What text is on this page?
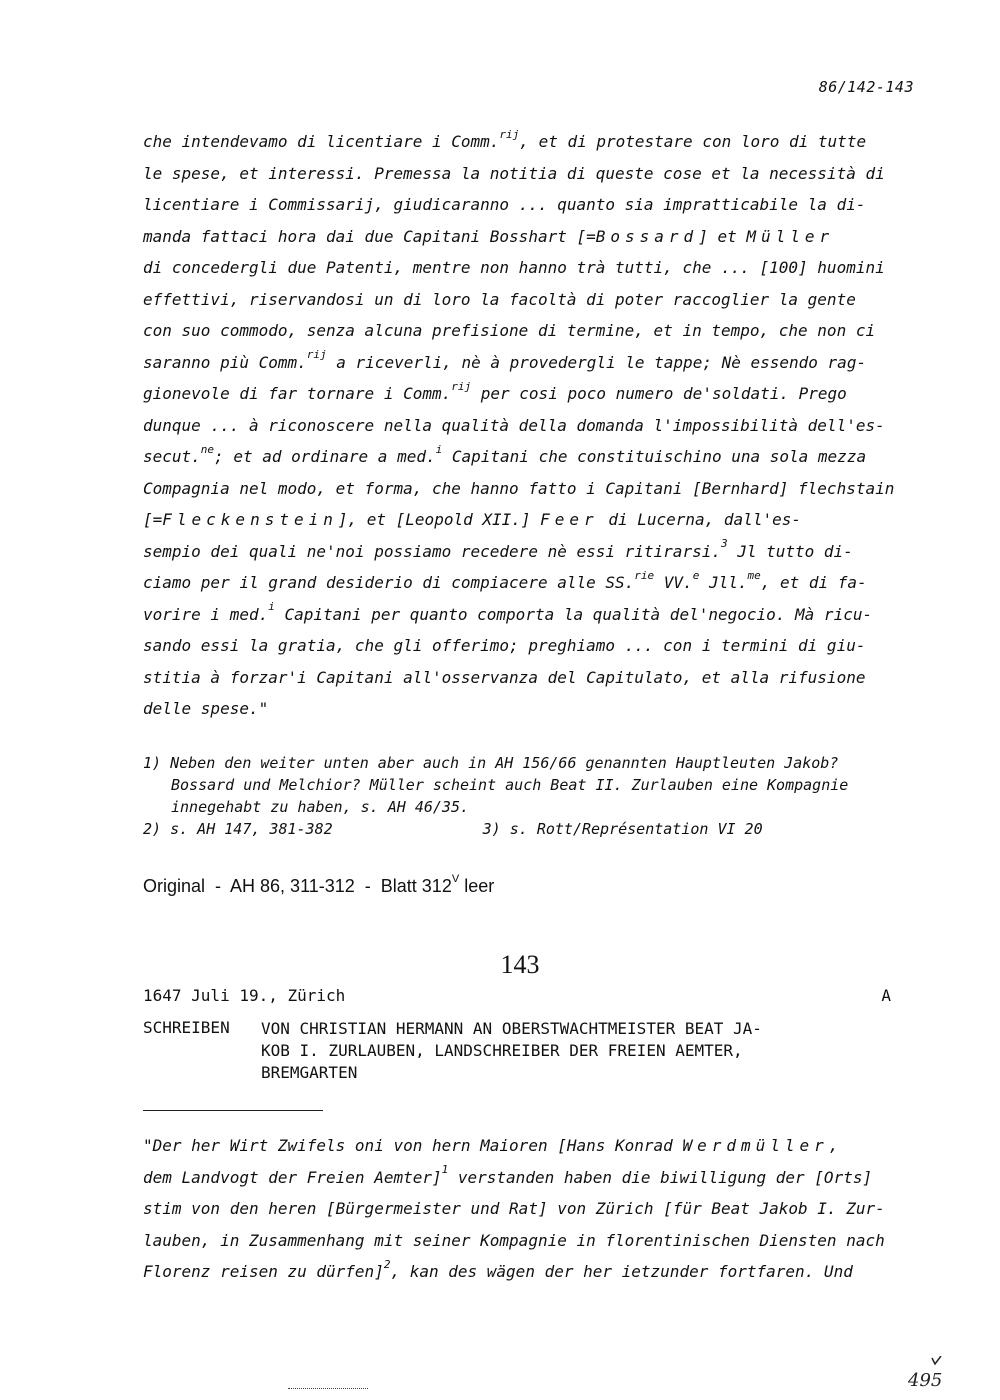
86/142-143
che intendevamo di licentiare i Comm.$^{rij}$, et di protestare con loro di tutte
le spese, et interessi. Premessa la notitia di queste cose et la necessità di
licentiare i Commissarij, giudicaranno ... quanto sia impratticabile la di-
manda fattaci hora dai due Capitani Bosshart [=Bossard] et Müller
di concedergli due Patenti, mentre non hanno trà tutti, che ... [100] huomini
effettivi, riservandosi un di loro la facoltà di poter raccoglier la gente
con suo commodo, senza alcuna prefisione di termine, et in tempo, che non ci
saranno più Comm.$^{rij}$ a riceverli, nè à provedergli le tappe; Nè essendo rag-
gionevole di far tornare i Comm.$^{rij}$ per cosi poco numero de'soldati. Prego
dunque ... à riconoscere nella qualità della domanda l'impossibilità dell'es-
secut.$^{ne}$; et ad ordinare a med.$^i$ Capitani che constituischino una sola mezza
Compagnia nel modo, et forma, che hanno fatto i Capitani [Bernhard] flechstain
[=Fleckenstein], et [Leopold XII.] Feer di Lucerna, dall'es-
sempio dei quali ne'noi possiamo recedere nè essi ritirarsi.$^3$ Jl tutto di-
ciamo per il grand desiderio di compiacere alle SS.$^{rie}$ VV.$^e$ Jll.$^{me}$, et di fa-
vorire i med.$^i$ Capitani per quanto comporta la qualità del'negocio. Mà ricu-
sando essi la gratia, che gli offerimo; preghiamo ... con i termini di giu-
stitia à forzar'i Capitani all'osservanza del Capitulato, et alla rifusione
delle spese."
1) Neben den weiter unten aber auch in AH 156/66 genannten Hauptleuten Jakob?
Bossard und Melchior? Müller scheint auch Beat II. Zurlauben eine Kompagnie
innegehabt zu haben, s. AH 46/35.
2) s. AH 147, 381-382	3) s. Rott/Représentation VI 20
Original  -  AH 86, 311-312  -  Blatt $312^V$ leer
143
1647 Juli 19., Zürich	A
SCHREIBEN	VON CHRISTIAN HERMANN AN OBERSTWACHTMEISTER BEAT JA-
KOB I. ZURLAUBEN, LANDSCHREIBER DER FREIEN AEMTER,
BREMGARTEN
"Der her Wirt Zwifels oni von hern Maioren [Hans Konrad Werdmüller,
dem Landvogt der Freien Aemter]$^1$ verstanden haben die biwilligung der [Orts]
stim von den heren [Bürgermeister und Rat] von Zürich [für Beat Jakob I. Zur-
lauben, in Zusammenhang mit seiner Kompagnie in florentinischen Diensten nach
Florenz reisen zu dürfen]$^2$, kan des wägen der her ietzunder fortfaren. Und
495
